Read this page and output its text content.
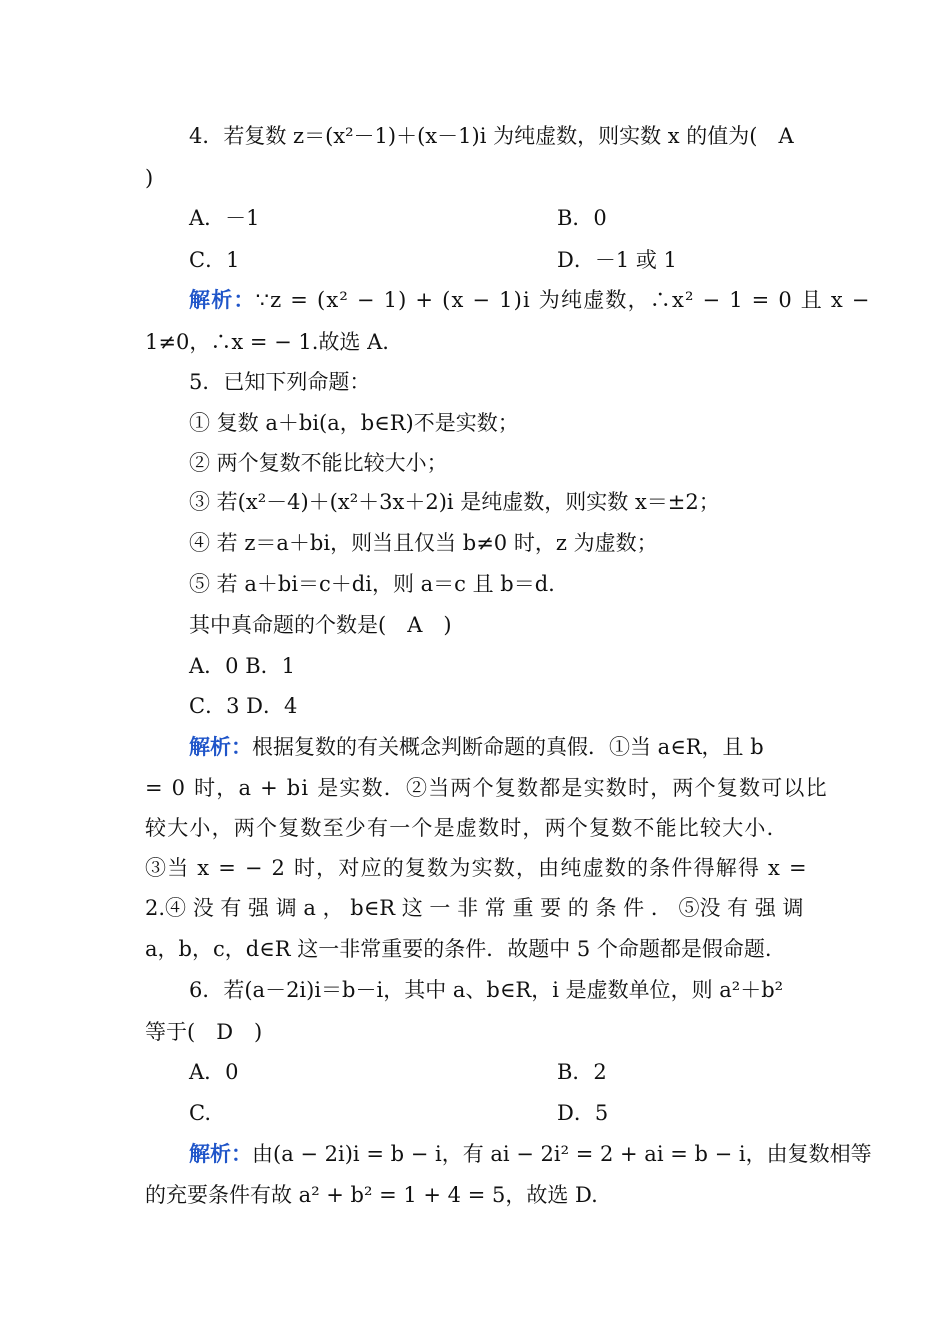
4．若复数 z＝(x²－1)＋(x－1)i 为纯虚数，则实数 x 的值为(　A
)
A．－1	B．0
C．1	D．－1 或 1
解析：∵z = (x² − 1) + (x − 1)i 为纯虚数，∴x² − 1 = 0 且 x −
1≠0，∴x = − 1.故选 A.
5．已知下列命题：
① 复数 a＋bi(a，b∈R)不是实数；
② 两个复数不能比较大小；
③ 若(x²－4)＋(x²＋3x＋2)i 是纯虚数，则实数 x＝±2；
④ 若 z＝a＋bi，则当且仅当 b≠0 时，z 为虚数；
⑤ 若 a＋bi＝c＋di，则 a＝c 且 b＝d.
其中真命题的个数是(　A　)
A．0 B．1
C．3 D．4
解析：根据复数的有关概念判断命题的真假．①当 a∈R，且 b
= 0 时，a + bi 是实数．②当两个复数都是实数时，两个复数可以比
较大小，两个复数至少有一个是虚数时，两个复数不能比较大小．
③当 x = − 2 时，对应的复数为实数，由纯虚数的条件得解得 x =
2.④ 没 有 强 调 a ， b∈R 这 一 非 常 重 要 的 条 件 ． ⑤没 有 强 调
a，b，c，d∈R 这一非常重要的条件．故题中 5 个命题都是假命题.
6．若(a－2i)i＝b－i，其中 a、b∈R，i 是虚数单位，则 a²＋b²
等于(　D　)
A．0	B．2
C.	D．5
解析：由(a − 2i)i = b − i，有 ai − 2i² = 2 + ai = b − i，由复数相等
的充要条件有故 a² + b² = 1 + 4 = 5，故选 D.
